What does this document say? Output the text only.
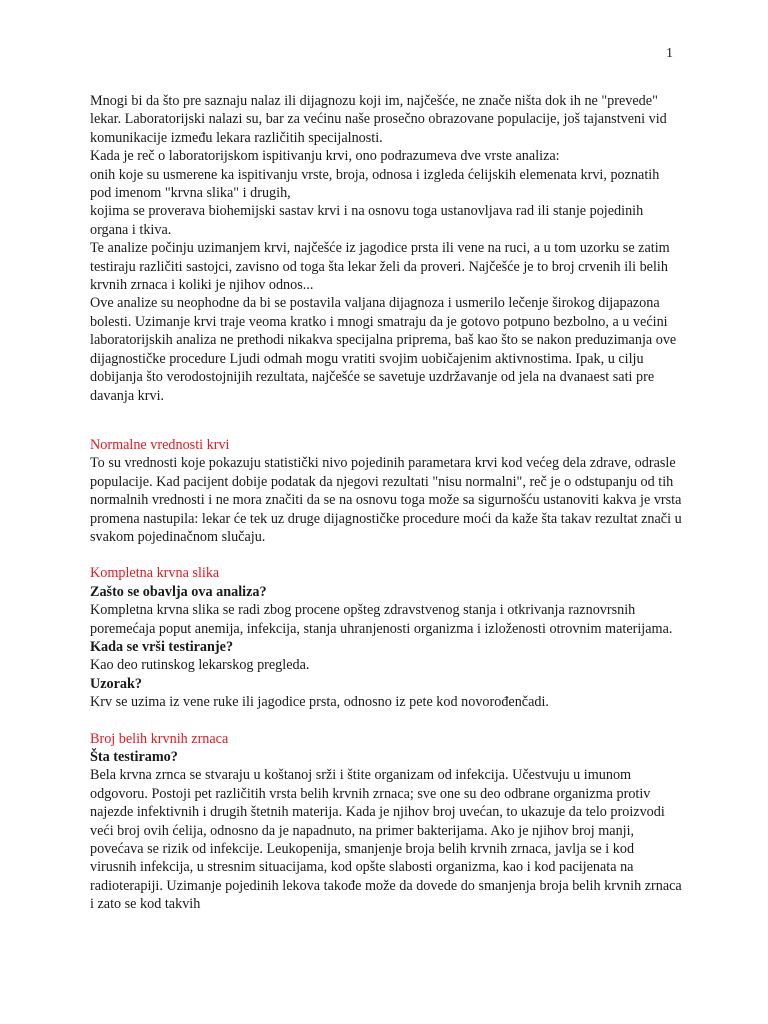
1

Mnogi bi da što pre saznaju nalaz ili dijagnozu koji im, najčešće, ne znače ništa dok ih ne "prevede" lekar. Laboratorijski nalazi su, bar za većinu naše prosečno obrazovane populacije, još tajanstveni vid komunikacije između lekara različitih specijalnosti.

Kada je reč o laboratorijskom ispitivanju krvi, ono podrazumeva dve vrste analiza:

onih koje su usmerene ka ispitivanju vrste, broja, odnosa i izgleda ćelijskih elemenata krvi, poznatih pod imenom "krvna slika" i drugih,

kojima se proverava biohemijski sastav krvi i na osnovu toga ustanovljava rad ili stanje pojedinih organa i tkiva.

Te analize počinju uzimanjem krvi, najčešće iz jagodice prsta ili vene na ruci, a u tom uzorku se zatim testiraju različiti sastojci, zavisno od toga šta lekar želi da proveri. Najčešće je to broj crvenih ili belih krvnih zrnaca i koliki je njihov odnos...

Ove analize su neophodne da bi se postavila valjana dijagnoza i usmerilo lečenje širokog dijapazona bolesti. Uzimanje krvi traje veoma kratko i mnogi smatraju da je gotovo potpuno bezbolno, a u većini laboratorijskih analiza ne prethodi nikakva specijalna priprema, baš kao što se nakon preduzimanja ove dijagnostičke procedure Ljudi odmah mogu vratiti svojim uobičajenim aktivnostima. Ipak, u cilju dobijanja što verodostojnijih rezultata, najčešće se savetuje uzdržavanje od jela na dvanaest sati pre davanja krvi.

Normalne vrednosti krvi

To su vrednosti koje pokazuju statistički nivo pojedinih parametara krvi kod većeg dela zdrave, odrasle populacije. Kad pacijent dobije podatak da njegovi rezultati "nisu normalni", reč je o odstupanju od tih normalnih vrednosti i ne mora značiti da se na osnovu toga može sa sigurnošću ustanoviti kakva je vrsta promena nastupila: lekar će tek uz druge dijagnostičke procedure moći da kaže šta takav rezultat znači u svakom pojedinačnom slučaju.

Kompletna krvna slika

Zašto se obavlja ova analiza?

Kompletna krvna slika se radi zbog procene opšteg zdravstvenog stanja i otkrivanja raznovrsnih poremećaja poput anemija, infekcija, stanja uhranjenosti organizma i izloženosti otrovnim materijama.

Kada se vrši testiranje?

Kao deo rutinskog lekarskog pregleda.

Uzorak?

Krv se uzima iz vene ruke ili jagodice prsta, odnosno iz pete kod novorođenčadi.

Broj belih krvnih zrnaca

Šta testiramo?

Bela krvna zrnca se stvaraju u koštanoj srži i štite organizam od infekcija. Učestvuju u imunom odgovoru. Postoji pet različitih vrsta belih krvnih zrnaca; sve one su deo odbrane organizma protiv najezde infektivnih i drugih štetnih materija. Kada je njihov broj uvećan, to ukazuje da telo proizvodi veći broj ovih ćelija, odnosno da je napadnuto, na primer bakterijama. Ako je njihov broj manji, povećava se rizik od infekcije. Leukopenija, smanjenje broja belih krvnih zrnaca, javlja se i kod virusnih infekcija, u stresnim situacijama, kod opšte slabosti organizma, kao i kod pacijenata na radioterapiji. Uzimanje pojedinih lekova takođe može da dovede do smanjenja broja belih krvnih zrnaca i zato se kod takvih
